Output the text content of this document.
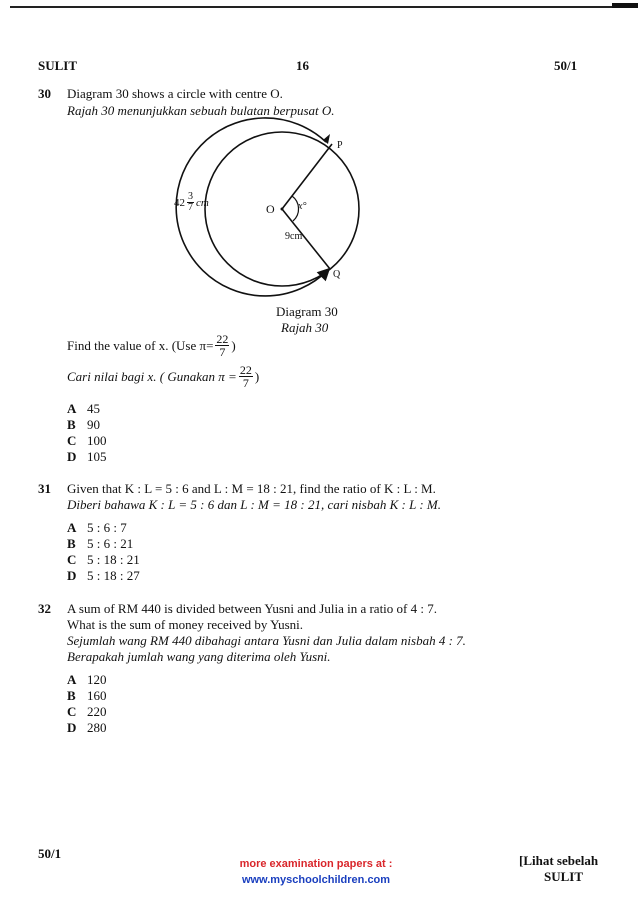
SULIT	16	50/1
30 Diagram 30 shows a circle with centre O.
Rajah 30 menunjukkan sebuah bulatan berpusat O.
$42 \frac{3}{7}$ cm	O x°
9cm
P
Q
Diagram 30
Rajah 30
Find the value of x. (Use $\pi= \frac{22}{7}$ )
Cari nilai bagi x. ( Gunakan $\pi = \frac{22}{7}$ )
A 45
B 90
C 100
D 105
31 Given that K : L = 5 : 6 and L : M = 18 : 21, find the ratio of K : L : M.
Diberi bahawa K : L = 5 : 6 dan L : M = 18 : 21, cari nisbah K : L : M.
A 5 : 6 : 7
B 5 : 6 : 21
C 5 : 18 : 21
D 5 : 18 : 27
32 A sum of RM 440 is divided between Yusni and Julia in a ratio of 4 : 7.
What is the sum of money received by Yusni.
Sejumlah wang RM 440 dibahagi antara Yusni dan Julia dalam nisbah 4 : 7.
Berapakah jumlah wang yang diterima oleh Yusni.
A 120
B 160
C 220
D 280
50/1
more examination papers at :
www.myschoolchildren.com
[Lihat sebelah
SULIT
